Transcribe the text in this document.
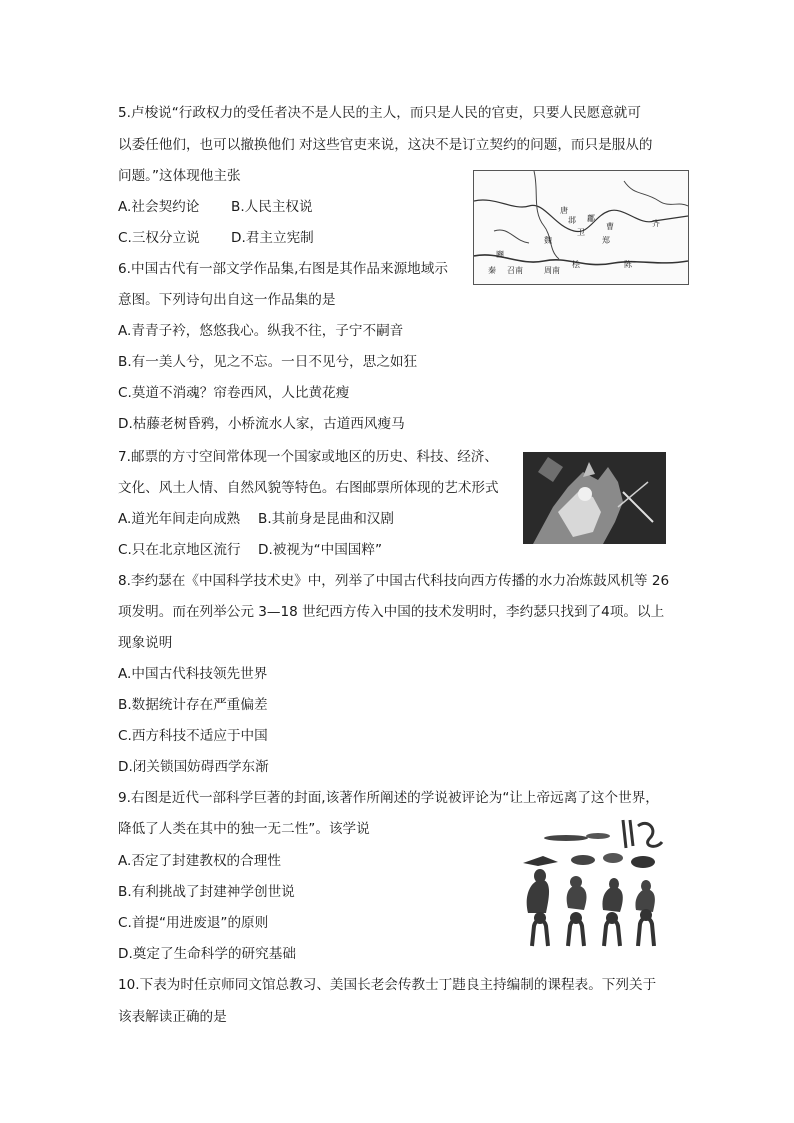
5.卢梭说“行政权力的受任者决不是人民的主人，而只是人民的官吏，只要人民愿意就可
以委任他们，也可以撤换他们 对这些官吏来说，这决不是订立契约的问题，而只是服从的
问题。”这体现他主张
A.社会契约论 B.人民主权说
C.三权分立说 D.君主立宪制
齐
邶 鄘
卫
魏
唐
曹
郑
桧	陈
秦 召南	周南
豳
6.中国古代有一部文学作品集,右图是其作品来源地域示
意图。下列诗句出自这一作品集的是
A.青青子衿，悠悠我心。纵我不往，子宁不嗣音
B.有一美人兮，见之不忘。一日不见兮，思之如狂
C.莫道不消魂？帘卷西风，人比黄花瘦
D.枯藤老树昏鸦，小桥流水人家，古道西风瘦马
7.邮票的方寸空间常体现一个国家或地区的历史、科技、经济、
文化、风土人情、自然风貌等特色。右图邮票所体现的艺术形式
A.道光年间走向成熟 B.其前身是昆曲和汉剧
C.只在北京地区流行 D.被视为“中国国粹”
8.李约瑟在《中国科学技术史》中，列举了中国古代科技向西方传播的水力冶炼鼓风机等 26
项发明。而在列举公元 3—18 世纪西方传入中国的技术发明时，李约瑟只找到了4项。以上
现象说明
A.中国古代科技领先世界
B.数据统计存在严重偏差
C.西方科技不适应于中国
D.闭关锁国妨碍西学东渐
9.右图是近代一部科学巨著的封面,该著作所阐述的学说被评论为“让上帝远离了这个世界，
降低了人类在其中的独一无二性”。该学说
A.否定了封建教权的合理性
B.有利挑战了封建神学创世说
C.首提“用进废退”的原则
D.奠定了生命科学的研究基础
10.下表为时任京师同文馆总教习、美国长老会传教士丁韪良主持编制的课程表。下列关于
该表解读正确的是
